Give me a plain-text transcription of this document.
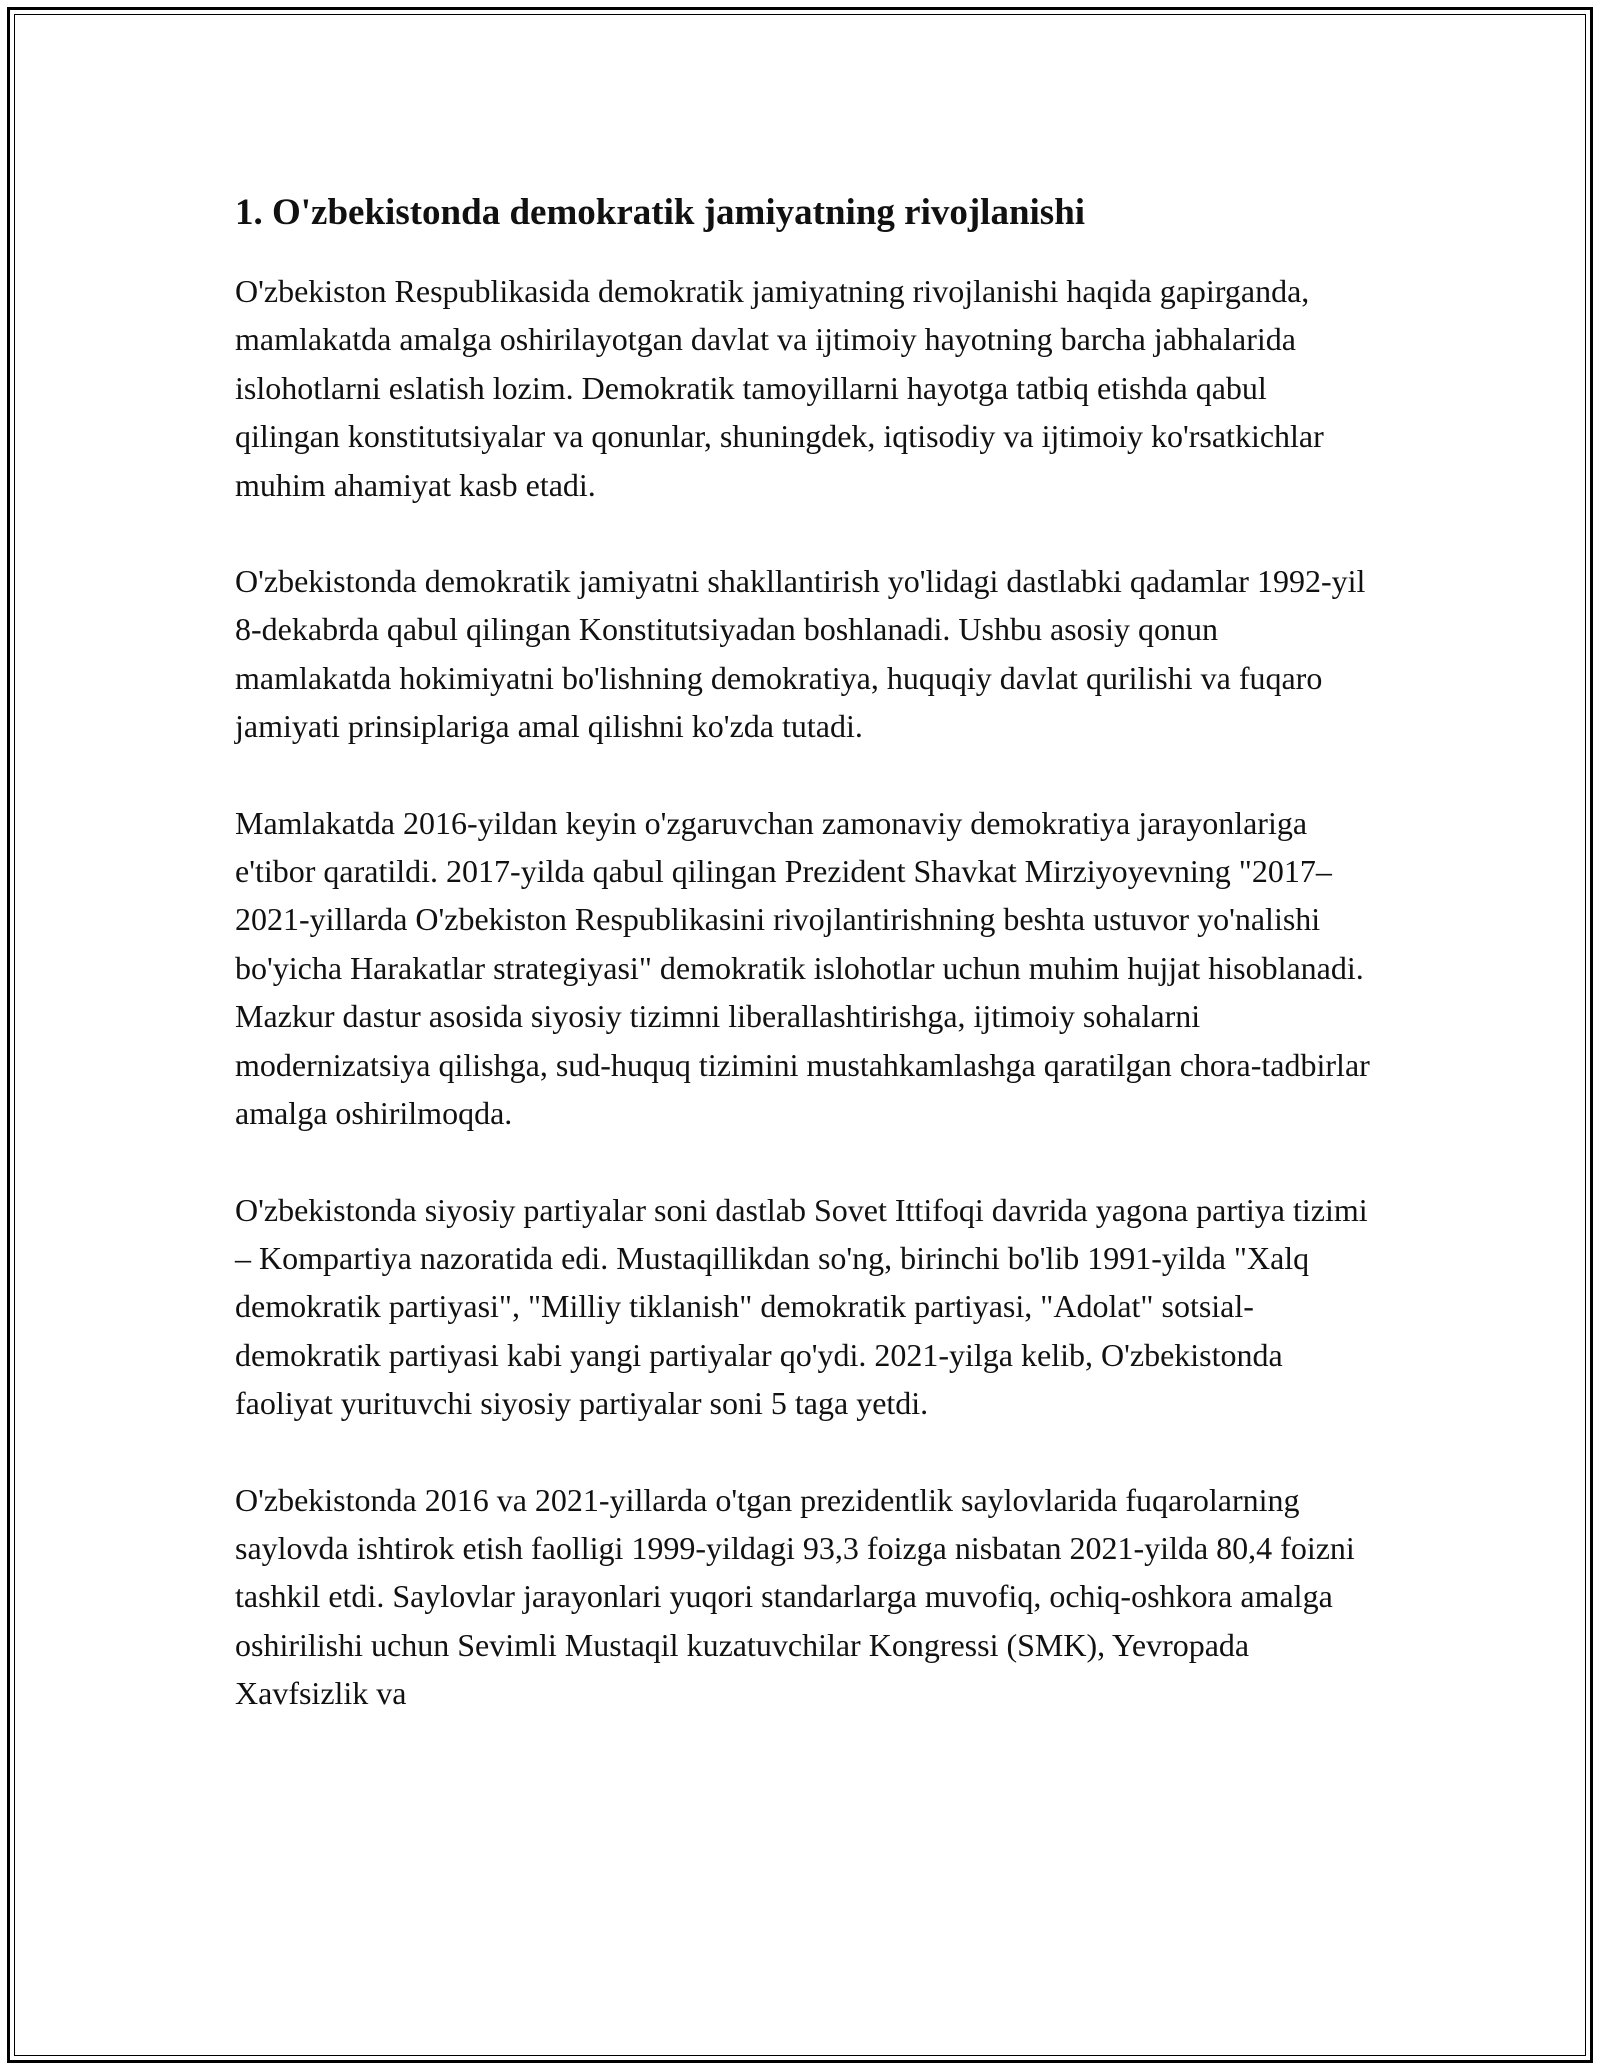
1. O'zbekistonda demokratik jamiyatning rivojlanishi

O'zbekiston Respublikasida demokratik jamiyatning rivojlanishi haqida gapirganda, mamlakatda amalga oshirilayotgan davlat va ijtimoiy hayotning barcha jabhalarida islohotlarni eslatish lozim. Demokratik tamoyillarni hayotga tatbiq etishda qabul qilingan konstitutsiyalar va qonunlar, shuningdek, iqtisodiy va ijtimoiy ko'rsatkichlar muhim ahamiyat kasb etadi.

O'zbekistonda demokratik jamiyatni shakllantirish yo'lidagi dastlabki qadamlar 1992-yil 8-dekabrda qabul qilingan Konstitutsiyadan boshlanadi. Ushbu asosiy qonun mamlakatda hokimiyatni bo'lishning demokratiya, huquqiy davlat qurilishi va fuqaro jamiyati prinsiplariga amal qilishni ko'zda tutadi.

Mamlakatda 2016-yildan keyin o'zgaruvchan zamonaviy demokratiya jarayonlariga e'tibor qaratildi. 2017-yilda qabul qilingan Prezident Shavkat Mirziyoyevning "2017–2021-yillarda O'zbekiston Respublikasini rivojlantirishning beshta ustuvor yo'nalishi bo'yicha Harakatlar strategiyasi" demokratik islohotlar uchun muhim hujjat hisoblanadi. Mazkur dastur asosida siyosiy tizimni liberallashtirishga, ijtimoiy sohalarni modernizatsiya qilishga, sud-huquq tizimini mustahkamlashga qaratilgan chora-tadbirlar amalga oshirilmoqda.

O'zbekistonda siyosiy partiyalar soni dastlab Sovet Ittifoqi davrida yagona partiya tizimi – Kompartiya nazoratida edi. Mustaqillikdan so'ng, birinchi bo'lib 1991-yilda "Xalq demokratik partiyasi", "Milliy tiklanish" demokratik partiyasi, "Adolat" sotsial-demokratik partiyasi kabi yangi partiyalar qo'ydi. 2021-yilga kelib, O'zbekistonda faoliyat yurituvchi siyosiy partiyalar soni 5 taga yetdi.

O'zbekistonda 2016 va 2021-yillarda o'tgan prezidentlik saylovlarida fuqarolarning saylovda ishtirok etish faolligi 1999-yildagi 93,3 foizga nisbatan 2021-yilda 80,4 foizni tashkil etdi. Saylovlar jarayonlari yuqori standarlarga muvofiq, ochiq-oshkora amalga oshirilishi uchun Sevimli Mustaqil kuzatuvchilar Kongressi (SMK), Yevropada Xavfsizlik va
